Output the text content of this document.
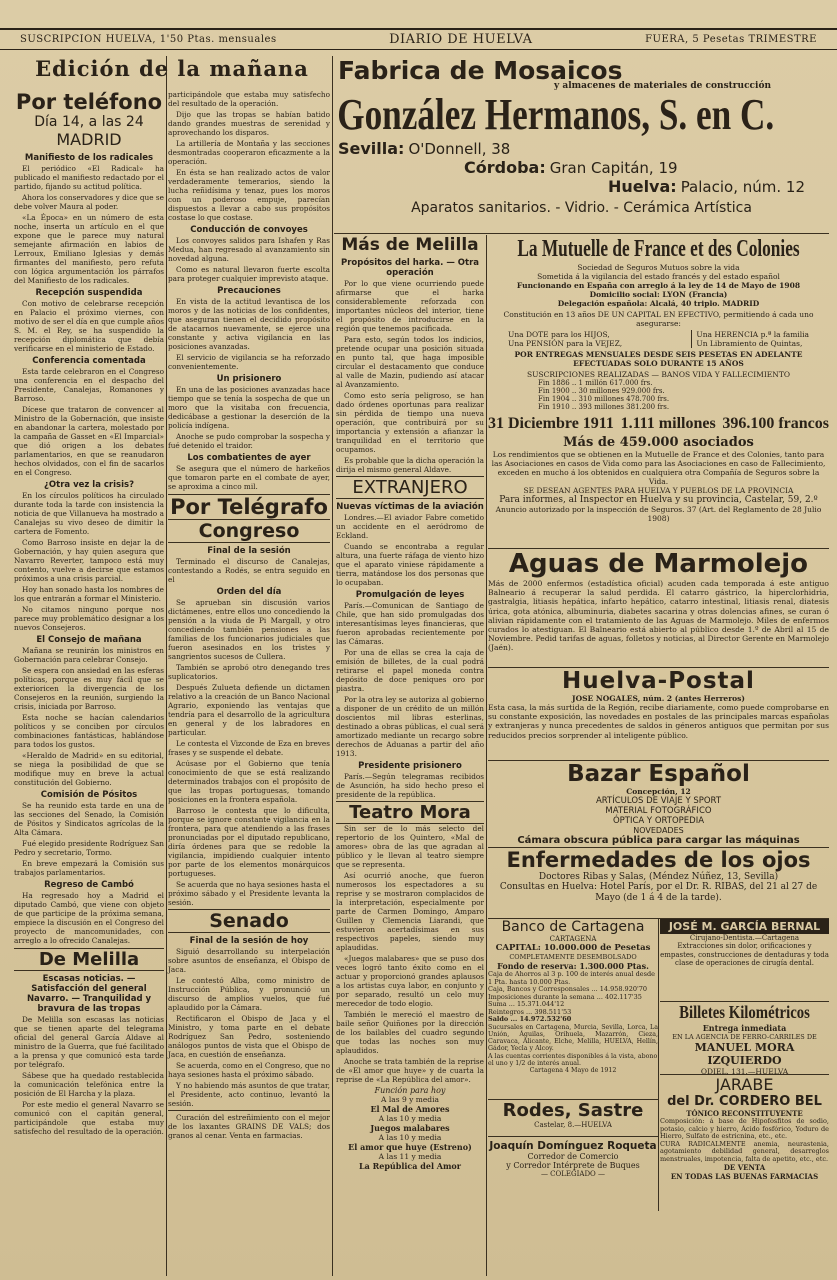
SUSCRIPCION HUELVA, 1'50 Ptas. mensuales	DIARIO DE HUELVA	FUERA, 5 Pesetas TRIMESTRE
Edición de la mañana
Por teléfono
Día 14, a las 24
MADRID
Manifiesto de los radicales

El periódico «El Radical» ha publicado el manifiesto redactado por el partido, fijando su actitud política.

Ahora los conservadores y dice que se debe volver Maura al poder.

«La Época» en un número de esta noche, inserta un artículo en el que expone que le parece muy natural semejante afirmación en labios de Lerroux, Emiliano Iglesias y demás firmantes del manifiesto, pero refuta con lógica argumentación los párrafos del Manifiesto de los radicales.

Recepción suspendida

Con motivo de celebrarse recepción en Palacio el próximo viernes, con motivo de ser el día en que cumple años S. M. el Rey, se ha suspendido la recepción diplomática que debía verificarse en el ministerio de Estado.

Conferencia comentada

Esta tarde celebraron en el Congreso una conferencia en el despacho del Presidente, Canalejas, Romanones y Barroso.

Dícese que trataron de convencer al Ministro de la Gobernación, que insiste en abandonar la cartera, molestado por la campaña de Gasset en «El Imparcial» que dió origen a los debates parlamentarios, en que se reanudaron hechos olvidados, con el fin de sacarlos en el Congreso.

¿Otra vez la crisis?

En los círculos políticos ha circulado durante toda la tarde con insistencia la noticia de que Villanueva ha mostrado a Canalejas su vivo deseo de dimitir la cartera de Fomento.

Como Barroso insiste en dejar la de Gobernación, y hay quien asegura que Navarro Reverter, tampoco está muy contento, vuelve a decirse que estamos próximos a una crisis parcial.

Hoy han sonado hasta los nombres de los que entrarán a formar el Ministerio.

No citamos ninguno porque nos parece muy problemático designar a los nuevos Consejeros.

El Consejo de mañana

Mañana se reunirán los ministros en Gobernación para celebrar Consejo.

Se espera con ansiedad en las esferas políticas, porque es muy fácil que se exterioricen la divergencia de los Consejeros en la reunión, surgiendo la crisis, iniciada por Barroso.

Esta noche se hacían calendarios políticos y se conciben por círculos combinaciones fantásticas, hablándose para todos los gustos.

«Heraldo de Madrid» en su editorial, se niega la posibilidad de que se modifique muy en breve la actual constitución del Gobierno.

Comisión de Pósitos

Se ha reunido esta tarde en una de las secciones del Senado, la Comisión de Pósitos y Sindicatos agrícolas de la Alta Cámara.

Fué elegido presidente Rodríguez San Pedro y secretario, Tormo.

En breve empezará la Comisión sus trabajos parlamentarios.

Regreso de Cambó

Ha regresado hoy a Madrid el diputado Cambó, que viene con objeto de que participe de la próxima semana, empiece la discusión en el Congreso del proyecto de mancomunidades, con arreglo a lo ofrecido Canalejas.

De Melilla
Escasas noticias. — Satisfacción del general Navarro. — Tranquilidad y bravura de las tropas

De Melilla son escasas las noticias que se tienen aparte del telegrama oficial del general García Aldave al ministro de la Guerra, que fué facilitado a la prensa y que comunicó esta tarde por telégrafo.

Sábese que ha quedado restablecida la comunicación telefónica entre la posición de El Harcha y la plaza.

Por este medio el general Navarro se comunicó con el capitán general, participándole que estaba muy satisfecho del resultado de la operación.

participándole que estaba muy satisfecho del resultado de la operación.

Dijo que las tropas se habían batido dando grandes muestras de serenidad y aprovechando los disparos.

La artillería de Montaña y las secciones desmontradas cooperaron eficazmente a la operación.

En ésta se han realizado actos de valor verdaderamente temerarios, siendo la lucha reñidísima y tenaz, pues los moros con un poderoso empuje, parecían dispuestos a llevar a cabo sus propósitos costase lo que costase.

Conducción de convoyes

Los convoyes salidos para Ishafen y Ras Medua, han regresado al avanzamiento sin novedad alguna.

Como es natural llevaron fuerte escolta para proteger cualquier imprevisto ataque.

Precauciones

En vista de la actitud levantisca de los moros y de las noticias de los confidentes, que aseguran tienen el decidido propósito de atacarnos nuevamente, se ejerce una constante y activa vigilancia en las posiciones avanzadas.

El servicio de vigilancia se ha reforzado convenientemente.

Un prisionero

En una de las posiciones avanzadas hace tiempo que se tenía la sospecha de que un moro que la visitaba con frecuencia, dedicábase a gestionar la deserción de la policía indígena.

Anoche se pudo comprobar la sospecha y fué detenido el traidor.

Los combatientes de ayer

Se asegura que el número de harkeños que tomaron parte en el combate de ayer, se aproxima a cinco mil.

Por Telégrafo
Congreso
Final de la sesión

Terminado el discurso de Canalejas, contestando a Rodés, se entra seguido en el

Orden del día

Se aprueban sin discusión varios dictámenes, entre ellos uno concediendo la pensión a la viuda de Pi Margall, y otro concediendo también pensiones a las familias de los funcionarios judiciales que fueron asesinados en los tristes y sangrientos sucesos de Cullera.

También se aprobó otro denegando tres suplicatorios.

Después Zulueta defiende un dictamen relativo a la creación de un Banco Nacional Agrario, exponiendo las ventajas que tendría para el desarrollo de la agricultura en general y de los labradores en particular.

Le contesta el Vizconde de Eza en breves frases y se suspende el debate.

Acúsase por el Gobierno que tenía conocimiento de que se está realizando determinados trabajos con el propósito de que las tropas portuguesas, tomando posiciones en la frontera española.

Barroso le contesta que lo dificulta, porque se ignore constante vigilancia en la frontera, para que atendiendo a las frases pronunciadas por el diputado republicano, diría órdenes para que se redoble la vigilancia, impidiendo cualquier intento por parte de los elementos monárquicos portugueses.

Se acuerda que no haya sesiones hasta el próximo sábado y el Presidente levanta la sesión.

Senado
Final de la sesión de hoy

Siguió desarrollando su interpelación sobre asuntos de enseñanza, el Obispo de Jaca.

Le contestó Alba, como ministro de Instrucción Pública, y pronunció un discurso de amplios vuelos, que fué aplaudido por la Cámara.

Rectificaron el Obispo de Jaca y el Ministro, y toma parte en el debate Rodríguez San Pedro, sosteniendo análogos puntos de vista que el Obispo de Jaca, en cuestión de enseñanza.

Se acuerda, como en el Congreso, que no haya sesiones hasta el próximo sábado.

Y no habiendo más asuntos de que tratar, el Presidente, acto continuo, levantó la sesión.

Curación del estreñimiento con el mejor de los laxantes GRAINS DE VALS; dos granos al cenar. Venta en farmacias.

Fabrica de Mosaicos
y almacenes de materiales de construcción
González Hermanos, S. en C.
Sevilla: O'Donnell, 38
Córdoba: Gran Capitán, 19
Huelva: Palacio, núm. 12
Aparatos sanitarios. - Vidrio. - Cerámica Artística
La Mutuelle de France et des Colonies
Sociedad de Seguros Mutuos sobre la vida
Sometida á la vigilancia del estado francés y del estado español
Funcionando en España con arreglo á la ley de 14 de Mayo de 1908
Domicilio social: LYON (Francia)
Delegación española: Alcalá, 40 triplo. MADRID
Constitución en 13 años DE UN CAPITAL EN EFECTIVO, permitiendo á cada uno asegurarse:
Una DOTE para los HIJOS,
Una PENSIÓN para la VEJEZ,
Una HERENCIA p.ª la familia
Un Libramiento de Quintas,
POR ENTREGAS MENSUALES DESDE SEIS PESETAS EN ADELANTE EFECTUADAS SOLO DURANTE 15 AÑOS
SUSCRIPCIONES REALIZADAS — BANOS VIDA Y FALLECIMIENTO
Fin 1886 .. 1 millón 617.000 frs.
Fin 1900 .. 30 millones 929.000 frs.
Fin 1904 .. 310 millones 478.700 frs.
Fin 1910 .. 393 millones 381.200 frs.
31 Diciembre 1911 1.111 millones 396.100 francos
Más de 459.000 asociados
Los rendimientos que se obtienen en la Mutuelle de France et des Colonies, tanto para las Asociaciones en casos de Vida como para las Asociaciones en caso de Fallecimiento, exceden en mucho á los obtenidos en cualquiera otra Compañía de Seguros sobre la Vida.
SE DESEAN AGENTES PARA HUELVA Y PUEBLOS DE LA PROVINCIA
Para informes, al Inspector en Huelva y su provincia, Castelar, 59, 2.º
Anuncio autorizado por la inspección de Seguros. 37 (Art. del Reglamento de 28 Julio 1908)
Aguas de Marmolejo
Más de 2000 enfermos (estadística oficial) acuden cada temporada á este antiguo Balneario á recuperar la salud perdida. El catarro gástrico, la hiperclorhidria, gastralgia, litiasis hepática, infarto hepático, catarro intestinal, litiasis renal, diatesis úrica, gota atónica, albuminuria, diabetes sacarina y otras dolencias afines, se curan ó alivian rápidamente con el tratamiento de las Aguas de Marmolejo. Miles de enfermos curados lo atestiguan. El Balneario está abierto al público desde 1.º de Abril al 15 de Noviembre. Pedid tarifas de aguas, folletos y noticias, al Director Gerente en Marmolejo (Jaén).
Huelva-Postal
JOSE NOGALES, núm. 2 (antes Herreros)
Esta casa, la más surtida de la Región, recibe diariamente, como puede comprobarse en su constante exposición, las novedades en postales de las principales marcas españolas y extranjeras y nunca precedentes de saldos in géneros antiguos que permitan por sus reducidos precios sorprender al inteligente público.
Bazar Español
Concepción, 12
ARTÍCULOS DE VIAJE Y SPORT
MATERIAL FOTOGRÁFICO
ÓPTICA Y ORTOPEDIA
NOVEDADES
Cámara obscura pública para cargar las máquinas
Enfermedades de los ojos
Doctores Ribas y Salas, (Méndez Núñez, 13, Sevilla)
Consultas en Huelva: Hotel París, por el Dr. R. RIBAS, del 21 al 27 de Mayo (de 1 á 4 de la tarde).
Banco de Cartagena
CARTAGENA
CAPITAL: 10.000.000 de Pesetas
COMPLETAMENTE DESEMBOLSADO
Fondo de reserva: 1.300.000 Ptas.
Caja de Ahorros al 3 p. 100 de interés anual desde 1 Pta. hasta 10.000 Ptas.
Caja, Bancos y Corresponsales ... 14.958.920'70
Imposiciones durante la semana ... 402.117'35
Suma ... 15.371.044'12
Reintegros ... 398.511'53
Saldo ... 14.972.532'60
Sucursales en Cartagena, Murcia, Sevilla, Lorca, La Unión, Águilas, Orihuela, Mazarrón, Cieza, Caravaca, Alicante, Elche, Melilla, HUELVA, Hellín, Gádor, Yecla y Alcoy.
A las cuentas corrientes disponibles á la vista, abono el uno y 1/2 de interés anual.
Cartagena 4 Mayo de 1912
Rodes, Sastre
Castelar, 8.—HUELVA
Joaquín Domínguez Roqueta
Corredor de Comercio
y Corredor Intérprete de Buques
— COLEGIADO —
JOSÉ M. GARCÍA BERNAL
Cirujano-Dentista.—Cartagena
Extracciones sin dolor, orificaciones y empastes, construcciones de dentaduras y toda clase de operaciones de cirugía dental.
Billetes Kilométricos
Entrega inmediata
EN LA AGENCIA DE FERRO-CARRILES DE
MANUEL MORA IZQUIERDO
ODIEL, 131.—HUELVA
JARABE
del Dr. CORDERO BEL
TÓNICO RECONSTITUYENTE
Composición: á base de Hipofosfitos de sodio, potasio, calcio y hierro, Ácido fosfórico, Yoduro de Hierro, Sulfato de estricnina, etc., etc.
CURA RADICALMENTE anemia, neurastenia, agotamiento debilidad general, desarreglos menstruales, impotencia, falta de apetito, etc., etc.
DE VENTA
EN TODAS LAS BUENAS FARMACIAS
Más de Melilla
Propósitos del harka. — Otra operación

Por lo que viene ocurriendo puede afirmarse que el harka considerablemente reforzada con importantes núcleos del interior, tiene el propósito de introducirse en la región que tenemos pacificada.

Para esto, según todos los indicios, pretende ocupar una posición situada en punto tal, que haga imposible circular el destacamento que conduce al valle de Mazin, pudiendo así atacar al Avanzamiento.

Como esto sería peligroso, se han dado órdenes oportunas para realizar sin pérdida de tiempo una nueva operación, que contribuirá por su importancia y extensión a afianzar la tranquilidad en el territorio que ocupamos.

Es probable que la dicha operación la dirija el mismo general Aldave.

EXTRANJERO
Nuevas víctimas de la aviación

Londres.—El aviador Fabre cometido un accidente en el aeródromo de Eckland.

Cuando se encontraba a regular altura, una fuerte ráfaga de viento hizo que el aparato viniese rápidamente a tierra, matándose los dos personas que lo ocupaban.

Promulgación de leyes

París.—Comunican de Santiago de Chile, que han sido promulgadas dos interesantísimas leyes financieras, que fueron aprobadas recientemente por las Cámaras.

Por una de ellas se crea la caja de emisión de billetes, de la cual podrá retirarse el papel moneda contra depósito de doce peniques oro por piastra.

Por la otra ley se autoriza al gobierno a disponer de un crédito de un millón doscientos mil libras esterlinas, destinado a obras públicas, el cual será amortizado mediante un recargo sobre derechos de Aduanas a partir del año 1913.

Presidente prisionero

París.—Según telegramas recibidos de Asunción, ha sido hecho preso el presidente de la república.

Teatro Mora

Sin ser de lo más selecto del repertorio de los Quintero, «Mal de amores» obra de las que agradan al público y le llevan al teatro siempre que se representa.

Así ocurrió anoche, que fueron numerosos los espectadores a su reprise y se mostraron complacidos de la interpretación, especialmente por parte de Carmen Domingo, Amparo Guillen y Clemencia Liarandi, que estuvieron acertadísimas en sus respectivos papeles, siendo muy aplaudidas.

«Juegos malabares» que se puso dos veces logró tanto éxito como en el actuar y proporcionó grandes aplausos a los artistas cuya labor, en conjunto y por separado, resultó un celo muy merecedor de todo elogio.

También le mereció el maestro de baile señor Quiñones por la dirección de los bailables del cuadro segundo que todas las noches son muy aplaudidos.

Anoche se trata también de la reprise de «El amor que huye» y de cuarta la reprise de «La República del amor».

Función para hoy
A las 9 y media
El Mal de Amores
A las 10 y media
Juegos malabares
A las 10 y media
El amor que huye (Estreno)
A las 11 y media
La República del Amor
